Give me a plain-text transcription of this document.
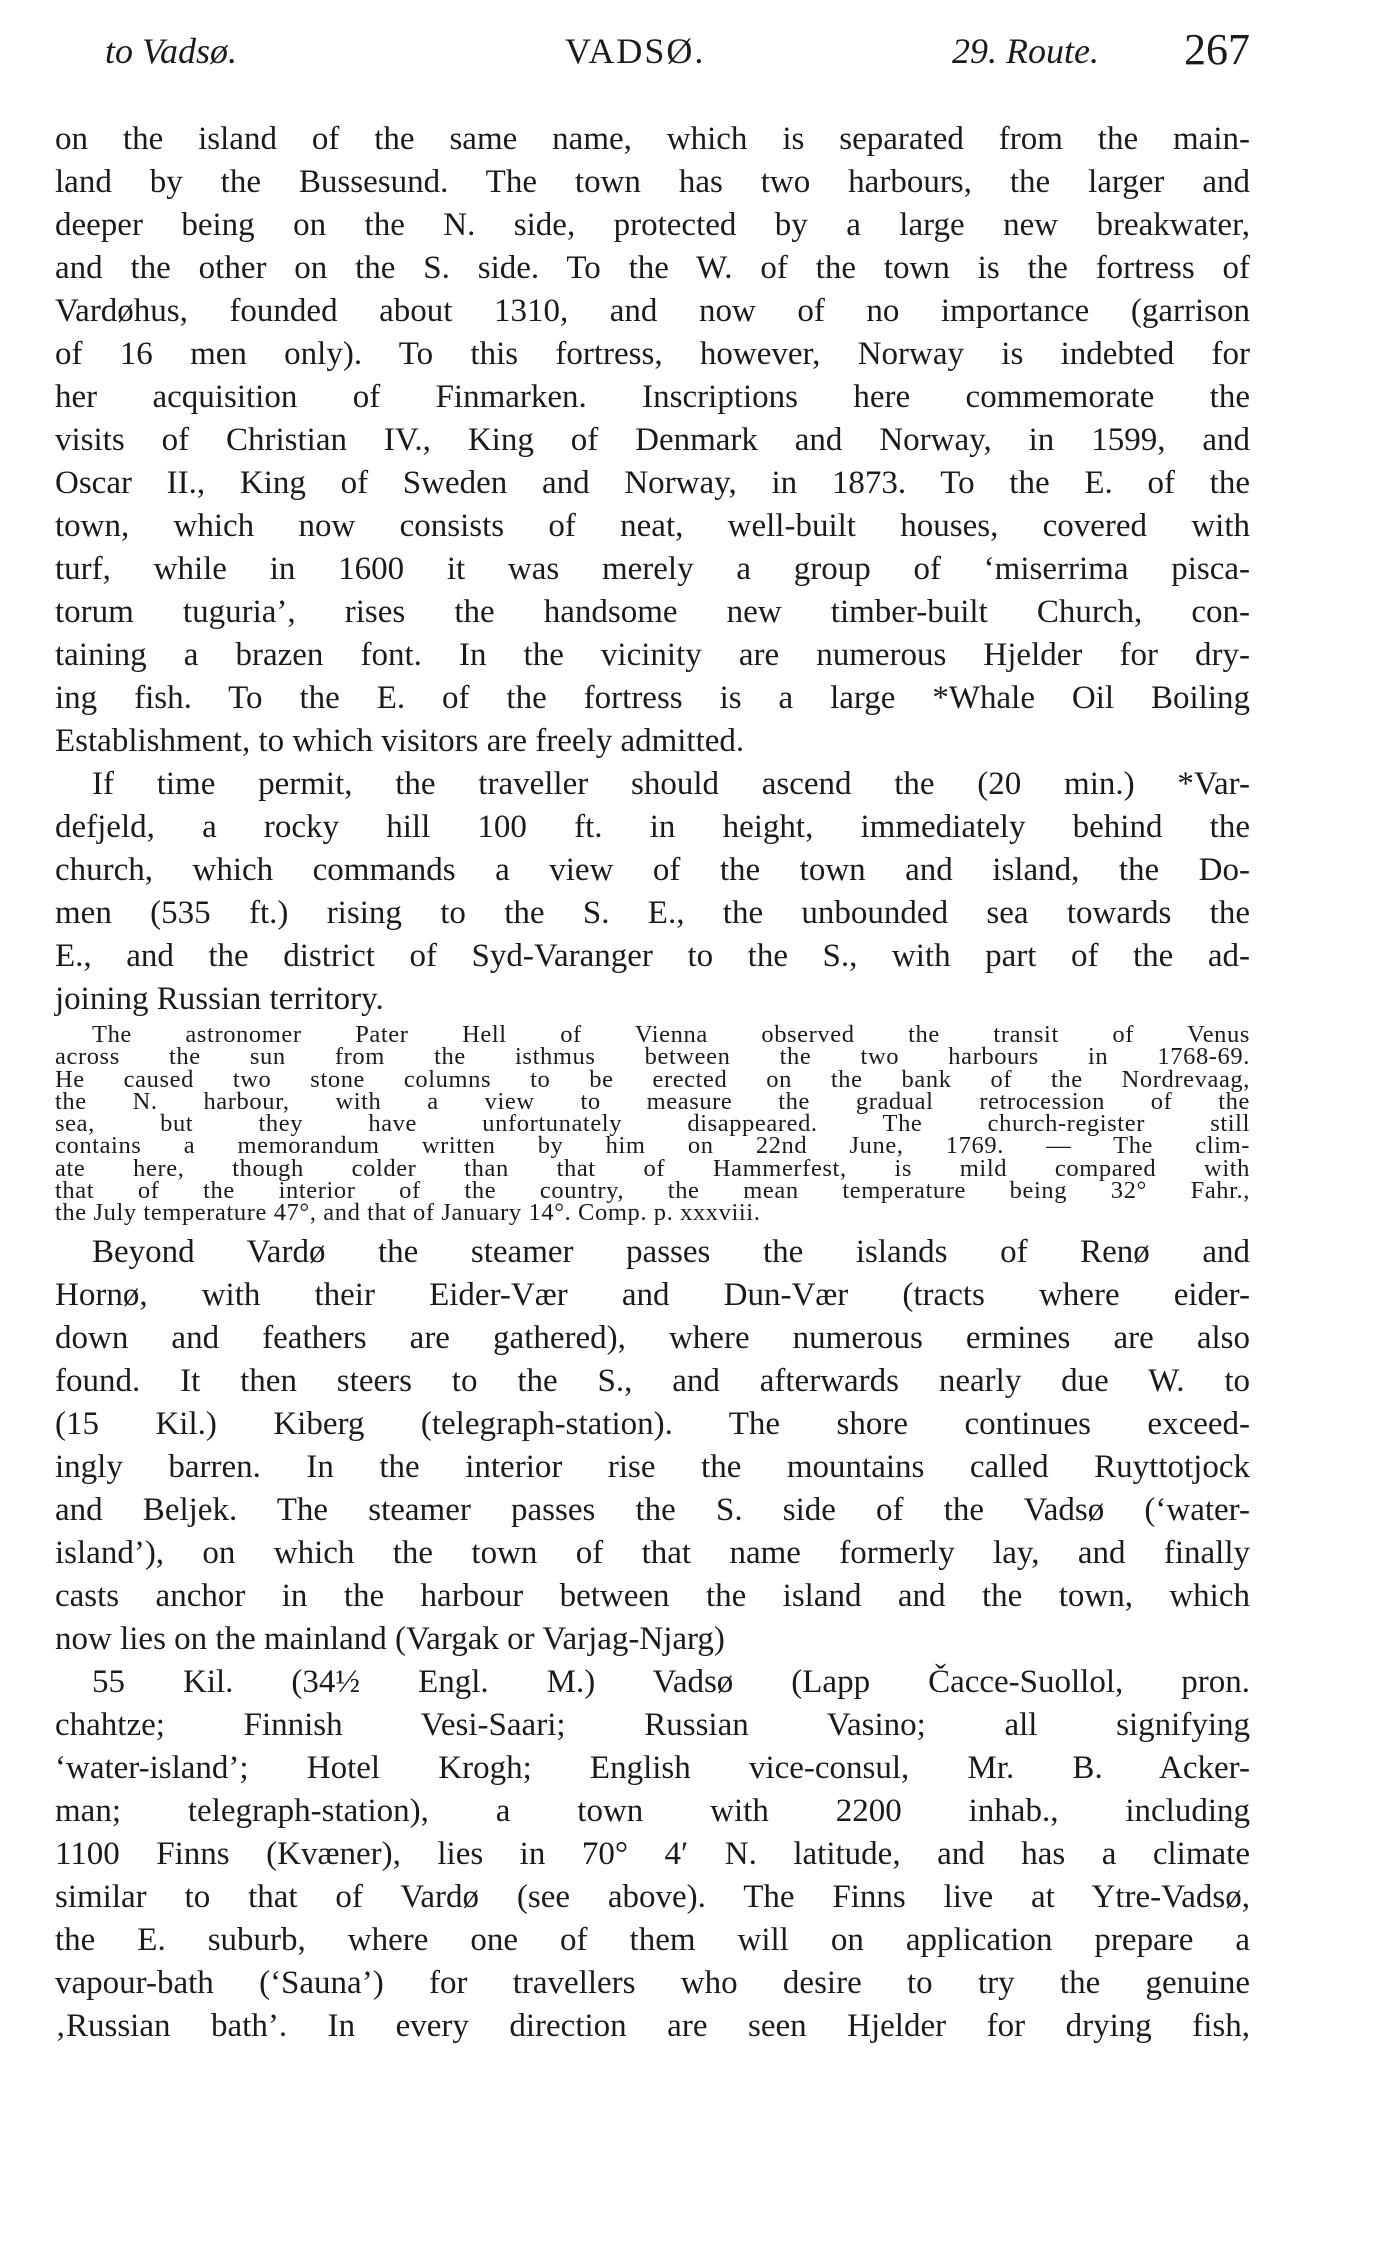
to Vadsø.	VADSØ.	29. Route. 267
on the island of the same name, which is separated from the main-
land by the Bussesund. The town has two harbours, the larger and
deeper being on the N. side, protected by a large new breakwater,
and the other on the S. side. To the W. of the town is the fortress of
Vardøhus, founded about 1310, and now of no importance (garrison
of 16 men only). To this fortress, however, Norway is indebted for
her acquisition of Finmarken. Inscriptions here commemorate the
visits of Christian IV., King of Denmark and Norway, in 1599, and
Oscar II., King of Sweden and Norway, in 1873. To the E. of the
town, which now consists of neat, well-built houses, covered with
turf, while in 1600 it was merely a group of ‘miserrima pisca-
torum tuguria’, rises the handsome new timber-built Church, con-
taining a brazen font. In the vicinity are numerous Hjelder for dry-
ing fish. To the E. of the fortress is a large *Whale Oil Boiling
Establishment, to which visitors are freely admitted.
If time permit, the traveller should ascend the (20 min.) *Var-
defjeld, a rocky hill 100 ft. in height, immediately behind the
church, which commands a view of the town and island, the Do-
men (535 ft.) rising to the S. E., the unbounded sea towards the
E., and the district of Syd-Varanger to the S., with part of the ad-
joining Russian territory.
The astronomer Pater Hell of Vienna observed the transit of Venus
across the sun from the isthmus between the two harbours in 1768-69.
He caused two stone columns to be erected on the bank of the Nordrevaag,
the N. harbour, with a view to measure the gradual retrocession of the
sea, but they have unfortunately disappeared. The church-register still
contains a memorandum written by him on 22nd June, 1769. — The clim-
ate here, though colder than that of Hammerfest, is mild compared with
that of the interior of the country, the mean temperature being 32° Fahr.,
the July temperature 47°, and that of January 14°. Comp. p. xxxviii.
Beyond Vardø the steamer passes the islands of Renø and
Hornø, with their Eider-Vær and Dun-Vær (tracts where eider-
down and feathers are gathered), where numerous ermines are also
found. It then steers to the S., and afterwards nearly due W. to
(15 Kil.) Kiberg (telegraph-station). The shore continues exceed-
ingly barren. In the interior rise the mountains called Ruyttotjock
and Beljek. The steamer passes the S. side of the Vadsø (‘water-
island’), on which the town of that name formerly lay, and finally
casts anchor in the harbour between the island and the town, which
now lies on the mainland (Vargak or Varjag-Njarg)
55 Kil. (34½ Engl. M.) Vadsø (Lapp Čacce-Suollol, pron.
chahtze; Finnish Vesi-Saari; Russian Vasino; all signifying
‘water-island’; Hotel Krogh; English vice-consul, Mr. B. Acker-
man; telegraph-station), a town with 2200 inhab., including
1100 Finns (Kvæner), lies in 70° 4′ N. latitude, and has a climate
similar to that of Vardø (see above). The Finns live at Ytre-Vadsø,
the E. suburb, where one of them will on application prepare a
vapour-bath (‘Sauna’) for travellers who desire to try the genuine
‚Russian bath’. In every direction are seen Hjelder for drying fish,
